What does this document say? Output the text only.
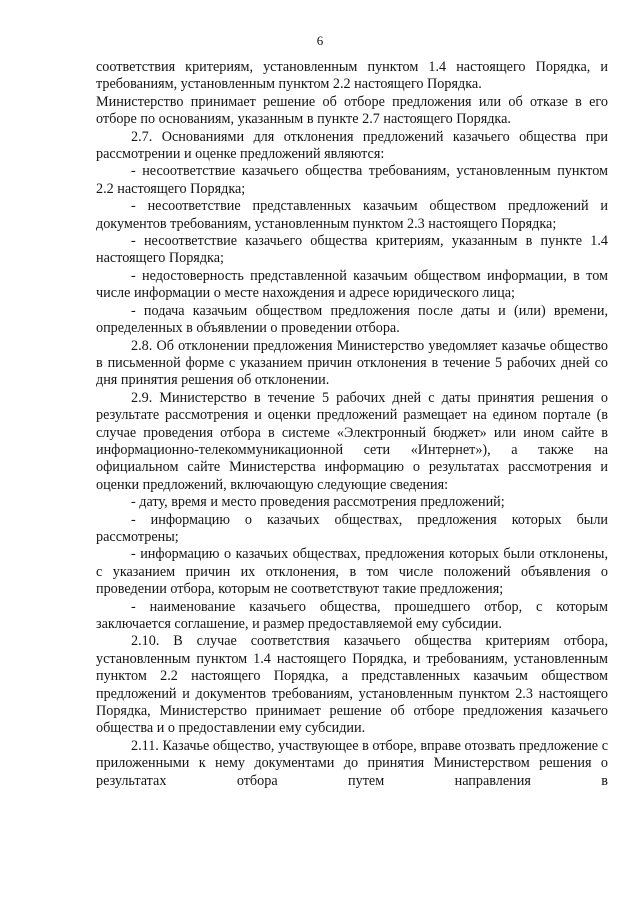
6

соответствия критериям, установленным пунктом 1.4 настоящего Порядка, и требованиям, установленным пунктом 2.2 настоящего Порядка.

Министерство принимает решение об отборе предложения или об отказе в его отборе по основаниям, указанным в пункте 2.7 настоящего Порядка.

2.7. Основаниями для отклонения предложений казачьего общества при рассмотрении и оценке предложений являются:

- несоответствие казачьего общества требованиям, установленным пунктом 2.2 настоящего Порядка;

- несоответствие представленных казачьим обществом предложений и документов требованиям, установленным пунктом 2.3 настоящего Порядка;

- несоответствие казачьего общества критериям, указанным в пункте 1.4 настоящего Порядка;

- недостоверность представленной казачьим обществом информации, в том числе информации о месте нахождения и адресе юридического лица;

- подача казачьим обществом предложения после даты и (или) времени, определенных в объявлении о проведении отбора.

2.8. Об отклонении предложения Министерство уведомляет казачье общество в письменной форме с указанием причин отклонения в течение 5 рабочих дней со дня принятия решения об отклонении.

2.9. Министерство в течение 5 рабочих дней с даты принятия решения о результате рассмотрения и оценки предложений размещает на едином портале (в случае проведения отбора в системе «Электронный бюджет» или ином сайте в информационно-телекоммуникационной сети «Интернет»), а также на официальном сайте Министерства информацию о результатах рассмотрения и оценки предложений, включающую следующие сведения:

- дату, время и место проведения рассмотрения предложений;

- информацию о казачьих обществах, предложения которых были рассмотрены;

- информацию о казачьих обществах, предложения которых были отклонены, с указанием причин их отклонения, в том числе положений объявления о проведении отбора, которым не соответствуют такие предложения;

- наименование казачьего общества, прошедшего отбор, с которым заключается соглашение, и размер предоставляемой ему субсидии.

2.10. В случае соответствия казачьего общества критериям отбора, установленным пунктом 1.4 настоящего Порядка, и требованиям, установленным пунктом 2.2 настоящего Порядка, а представленных казачьим обществом предложений и документов требованиям, установленным пунктом 2.3 настоящего Порядка, Министерство принимает решение об отборе предложения казачьего общества и о предоставлении ему субсидии.

2.11. Казачье общество, участвующее в отборе, вправе отозвать предложение с приложенными к нему документами до принятия Министерством решения о результатах отбора путем направления в
